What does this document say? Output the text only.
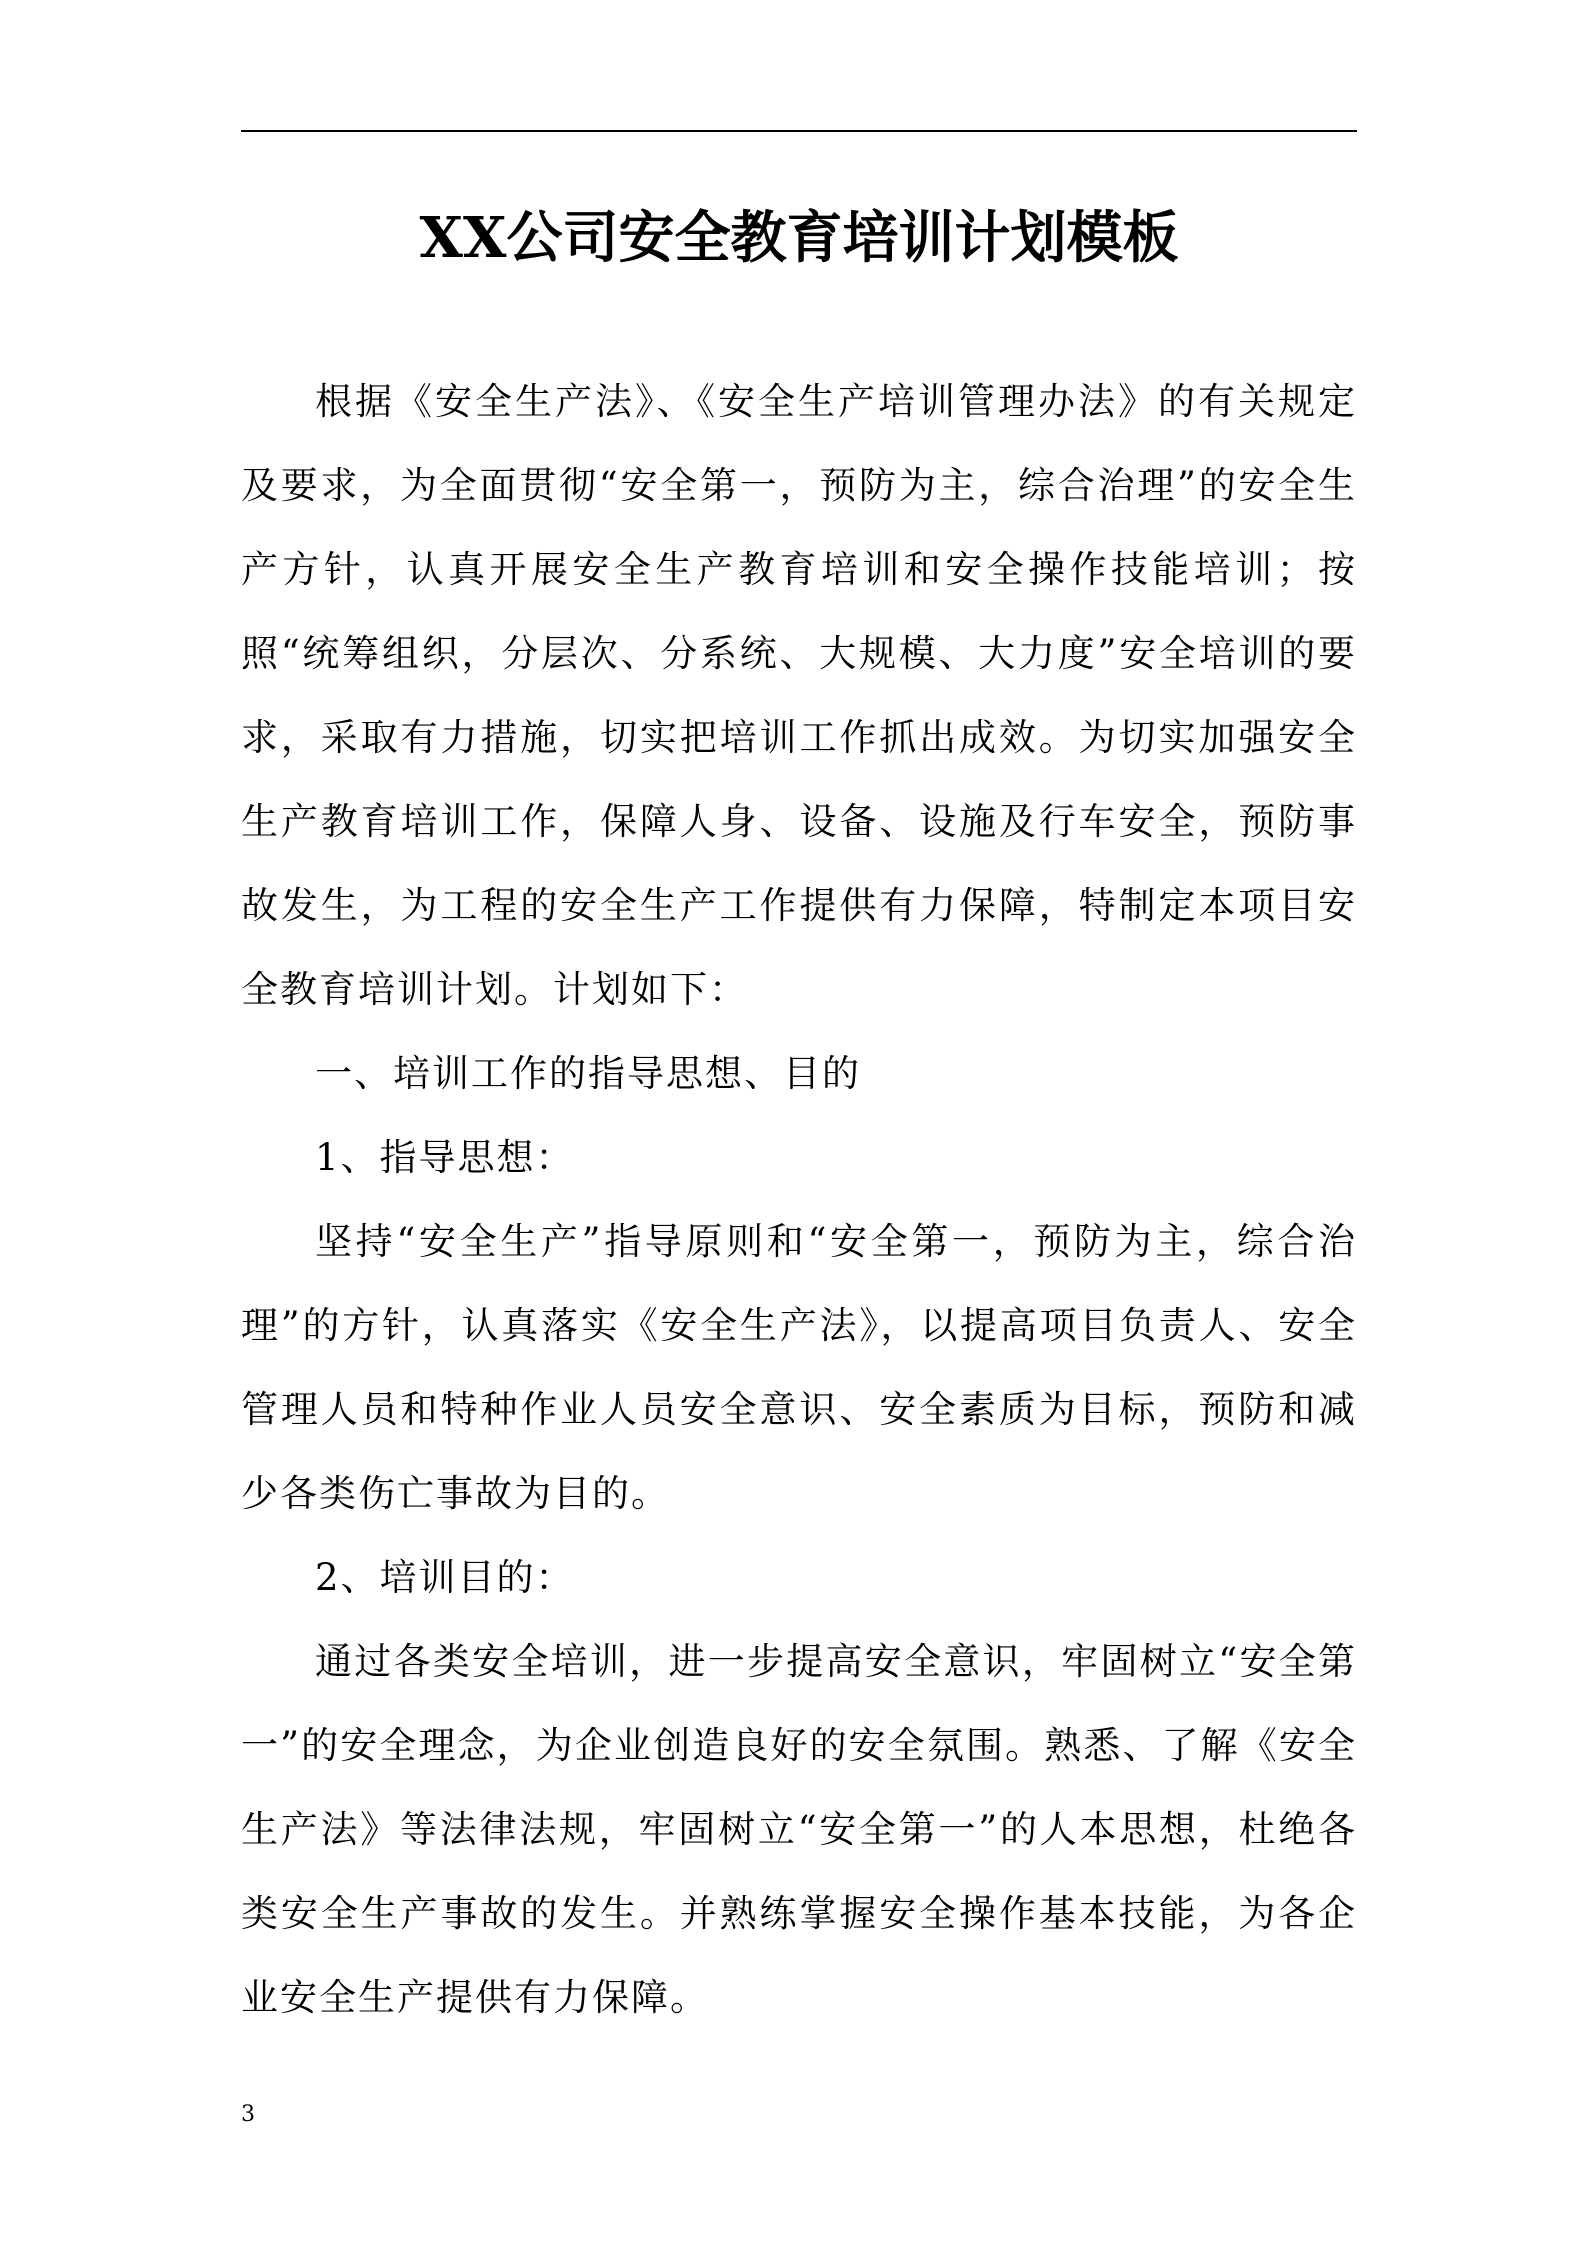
XX公司安全教育培训计划模板

根据《安全生产法》、《安全生产培训管理办法》的有关规定及要求，为全面贯彻“安全第一，预防为主，综合治理”的安全生产方针，认真开展安全生产教育培训和安全操作技能培训；按照“统筹组织，分层次、分系统、大规模、大力度”安全培训的要求，采取有力措施，切实把培训工作抓出成效。为切实加强安全生产教育培训工作，保障人身、设备、设施及行车安全，预防事故发生，为工程的安全生产工作提供有力保障，特制定本项目安全教育培训计划。计划如下：

一、培训工作的指导思想、目的

1、指导思想：

坚持“安全生产”指导原则和“安全第一，预防为主，综合治理”的方针，认真落实《安全生产法》，以提高项目负责人、安全管理人员和特种作业人员安全意识、安全素质为目标，预防和减少各类伤亡事故为目的。

2、培训目的：

通过各类安全培训，进一步提高安全意识，牢固树立“安全第一”的安全理念，为企业创造良好的安全氛围。熟悉、了解《安全生产法》等法律法规，牢固树立“安全第一”的人本思想，杜绝各类安全生产事故的发生。并熟练掌握安全操作基本技能，为各企业安全生产提供有力保障。

3
